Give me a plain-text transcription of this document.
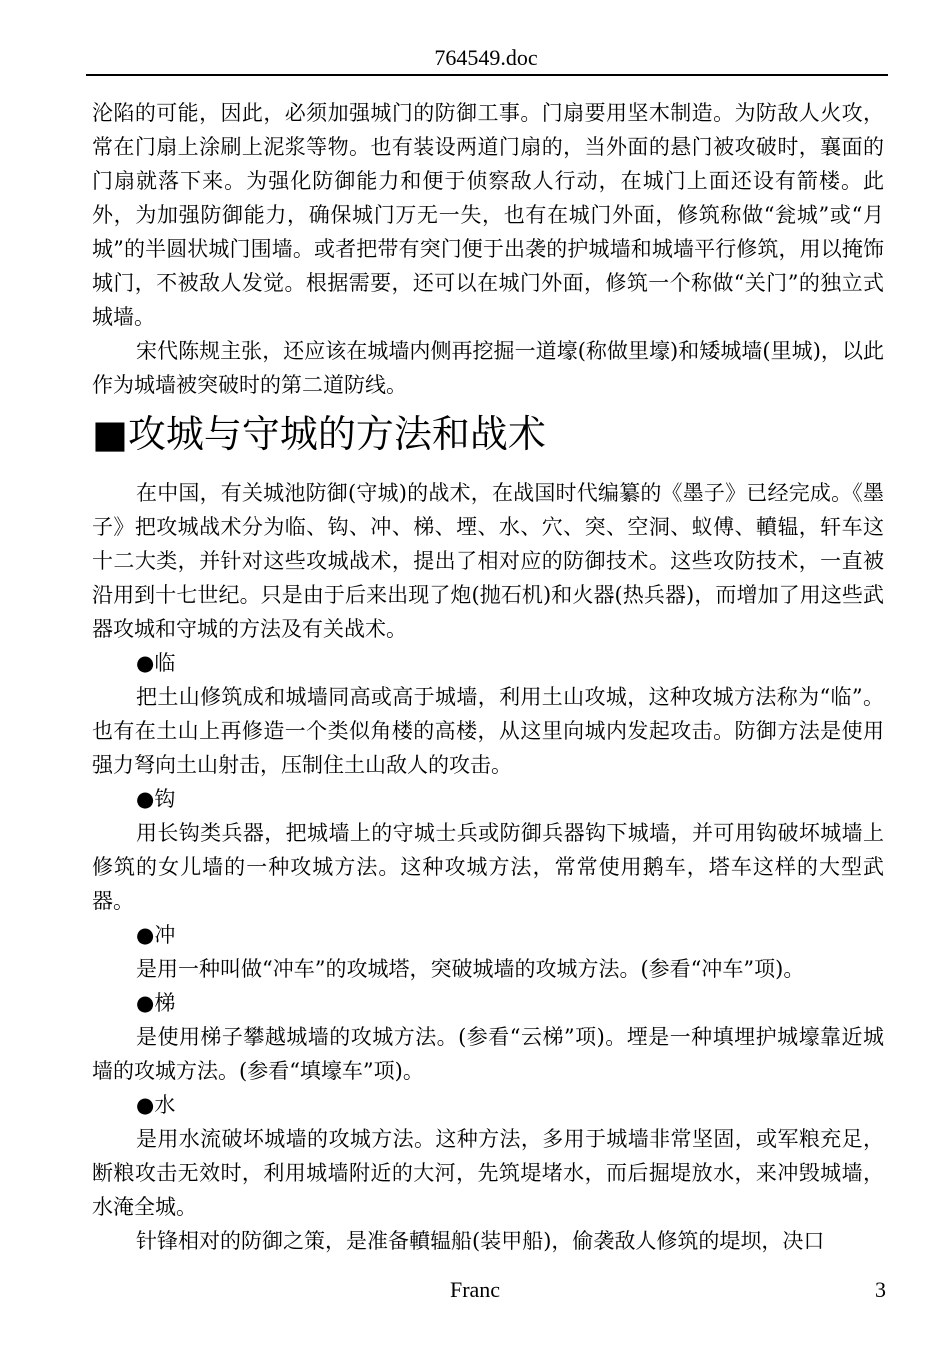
764549.doc

沦陷的可能，因此，必须加强城门的防御工事。门扇要用坚木制造。为防敌人火攻，常在门扇上涂刷上泥浆等物。也有装设两道门扇的，当外面的悬门被攻破时，襄面的门扇就落下来。为强化防御能力和便于侦察敌人行动，在城门上面还设有箭楼。此外，为加强防御能力，确保城门万无一失，也有在城门外面，修筑称做“瓮城”或“月城”的半圆状城门围墙。或者把带有突门便于出袭的护城墙和城墙平行修筑，用以掩饰城门，不被敌人发觉。根据需要，还可以在城门外面，修筑一个称做“关门”的独立式城墙。

宋代陈规主张，还应该在城墙内侧再挖掘一道壕(称做里壕)和矮城墙(里城)，以此作为城墙被突破时的第二道防线。

■攻城与守城的方法和战术

在中国，有关城池防御(守城)的战术，在战国时代编纂的《墨子》已经完成。《墨子》把攻城战术分为临、钩、冲、梯、堙、水、穴、突、空洞、蚁傅、轒辒，轩车这十二大类，并针对这些攻城战术，提出了相对应的防御技术。这些攻防技术，一直被沿用到十七世纪。只是由于后来出现了炮(抛石机)和火器(热兵器)，而增加了用这些武器攻城和守城的方法及有关战术。

●临

把土山修筑成和城墙同高或高于城墙，利用土山攻城，这种攻城方法称为“临”。也有在土山上再修造一个类似角楼的高楼，从这里向城内发起攻击。防御方法是使用强力弩向土山射击，压制住土山敌人的攻击。

●钩

用长钩类兵器，把城墙上的守城士兵或防御兵器钩下城墙，并可用钩破坏城墙上修筑的女儿墙的一种攻城方法。这种攻城方法，常常使用鹅车，塔车这样的大型武器。

●冲

是用一种叫做“冲车”的攻城塔，突破城墙的攻城方法。(参看“冲车”项)。

●梯

是使用梯子攀越城墙的攻城方法。(参看“云梯”项)。堙是一种填埋护城壕靠近城墙的攻城方法。(参看“填壕车”项)。

●水

是用水流破坏城墙的攻城方法。这种方法，多用于城墙非常坚固，或军粮充足，断粮攻击无效时，利用城墙附近的大河，先筑堤堵水，而后掘堤放水，来冲毁城墙，水淹全城。

针锋相对的防御之策，是准备轒辒船(装甲船)，偷袭敌人修筑的堤坝，决口

Franc	3
